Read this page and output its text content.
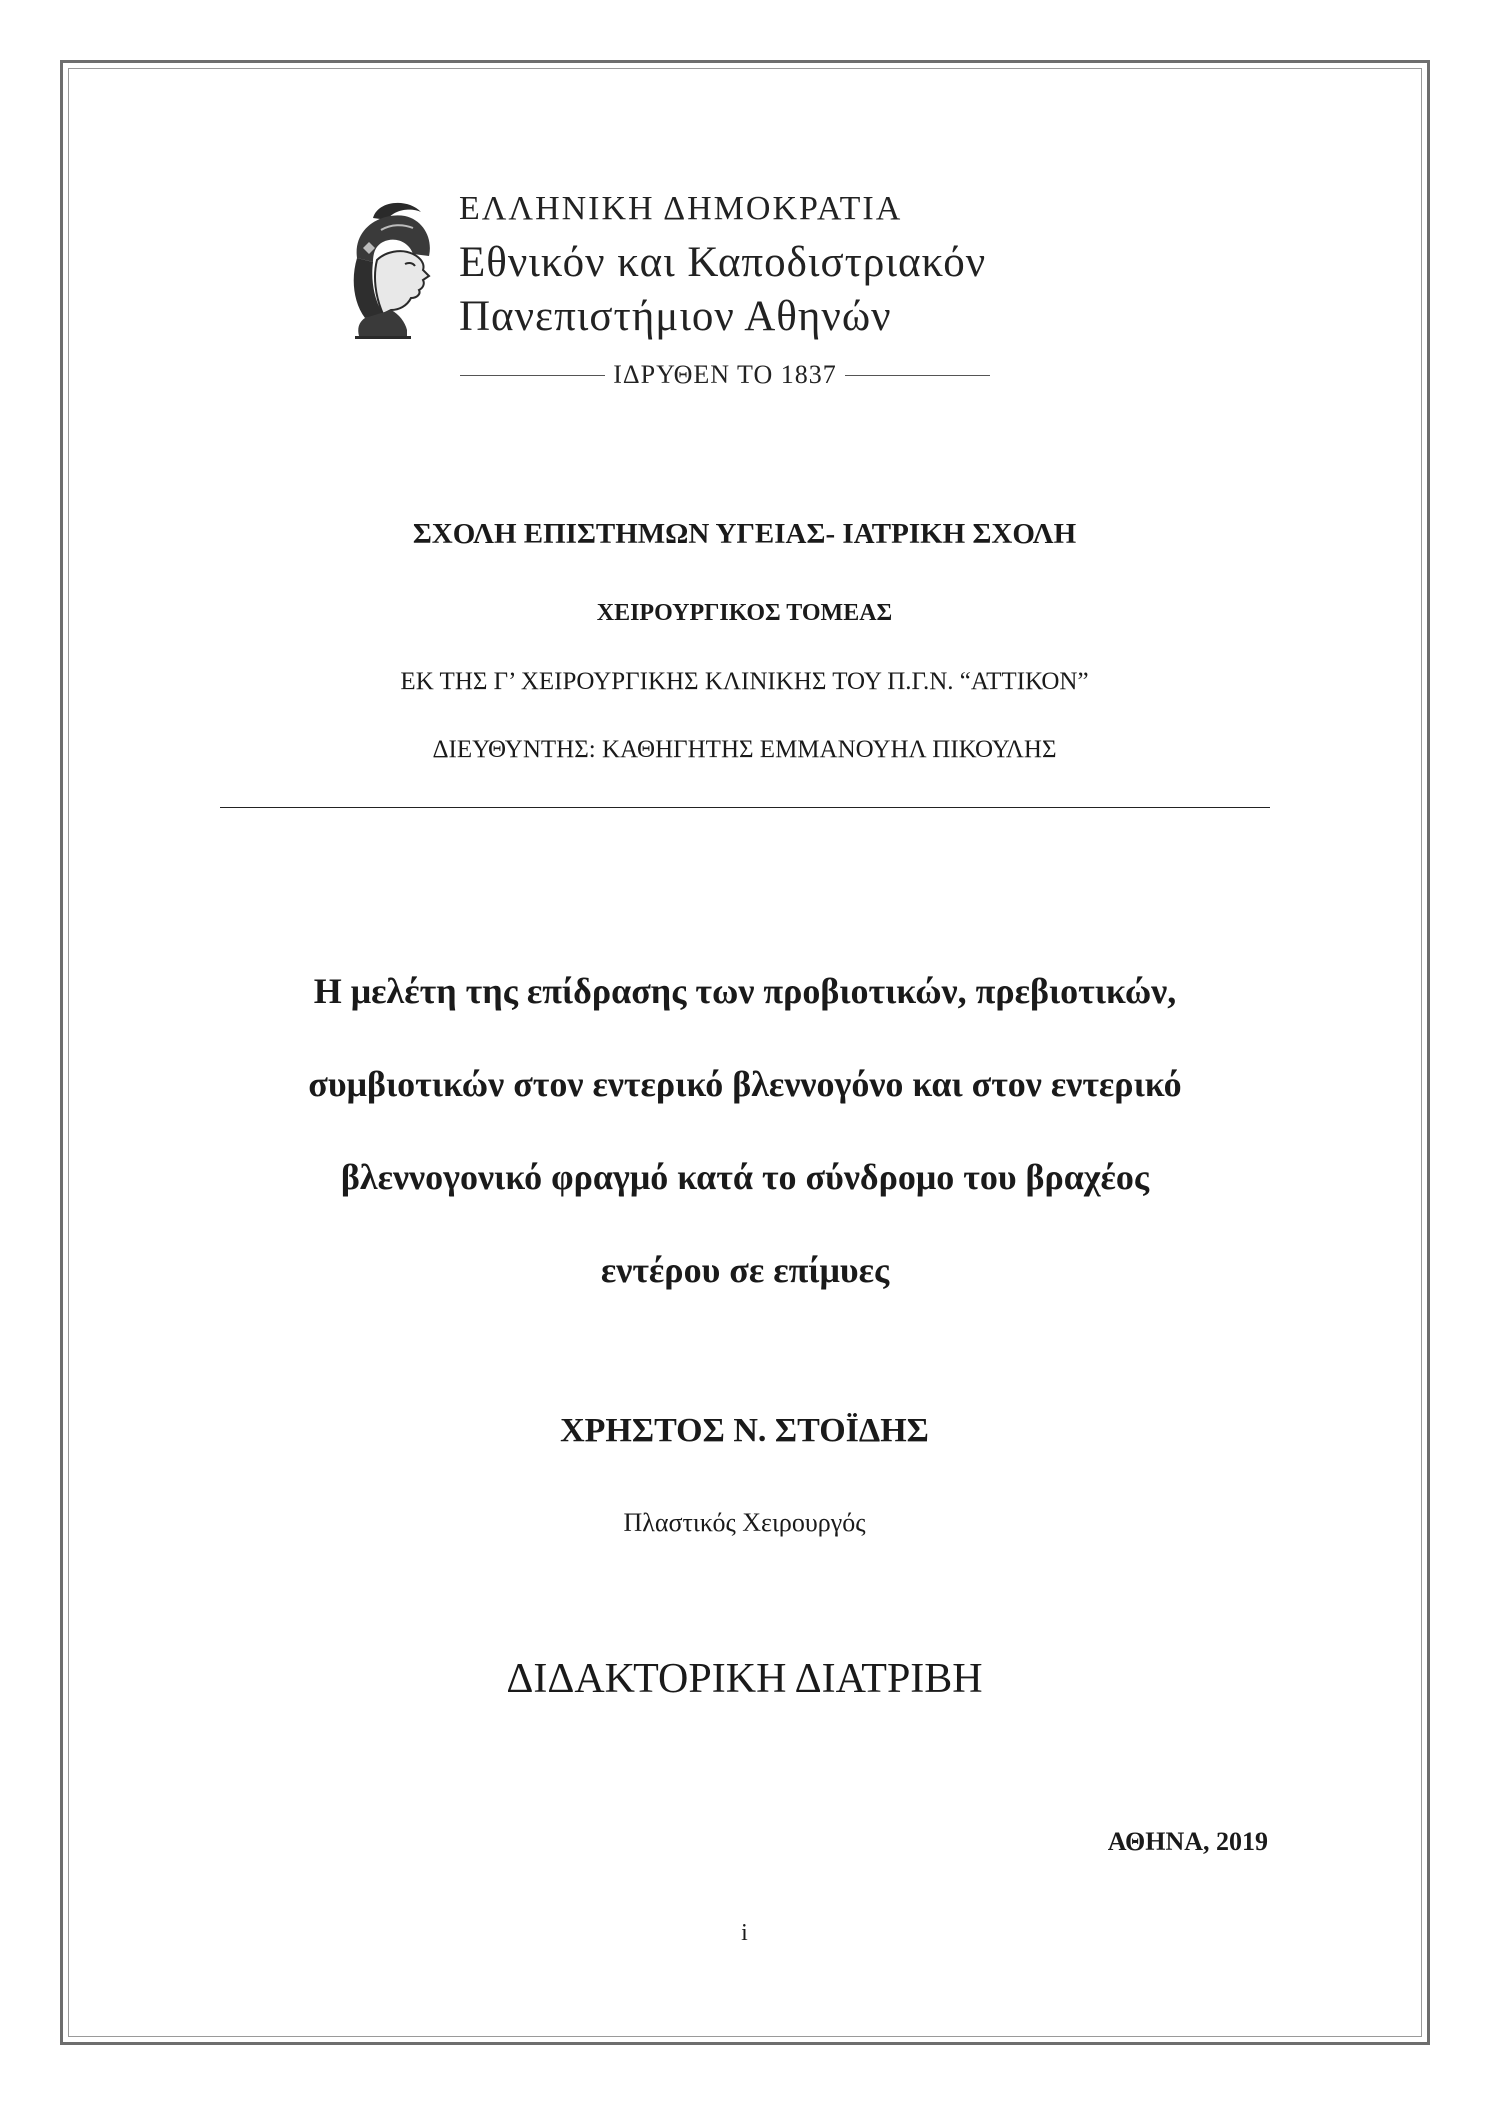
ΕΛΛΗΝΙΚΗ ΔΗΜΟΚΡΑΤΙΑ
Εθνικόν και Καποδιστριακόν
Πανεπιστήμιον Αθηνών
ΙΔΡΥΘΕΝ ΤΟ 1837
ΣΧΟΛΗ ΕΠΙΣΤΗΜΩΝ ΥΓΕΙΑΣ- ΙΑΤΡΙΚΗ ΣΧΟΛΗ
ΧΕΙΡΟΥΡΓΙΚΟΣ ΤΟΜΕΑΣ
ΕΚ ΤΗΣ Γ’ ΧΕΙΡΟΥΡΓΙΚΗΣ ΚΛΙΝΙΚΗΣ ΤΟΥ Π.Γ.Ν. “ΑΤΤΙΚΟΝ”
ΔΙΕΥΘΥΝΤΗΣ: ΚΑΘΗΓΗΤΗΣ ΕΜΜΑΝΟΥΗΛ ΠΙΚΟΥΛΗΣ
Η μελέτη της επίδρασης των προβιοτικών, πρεβιοτικών,
συμβιοτικών στον εντερικό βλεννογόνο και στον εντερικό
βλεννογονικό φραγμό κατά το σύνδρομο του βραχέος
εντέρου σε επίμυες
ΧΡΗΣΤΟΣ Ν. ΣΤΟΪΔΗΣ
Πλαστικός Χειρουργός
ΔΙΔΑΚΤΟΡΙΚΗ ΔΙΑΤΡΙΒΗ
ΑΘΗΝΑ, 2019
i
